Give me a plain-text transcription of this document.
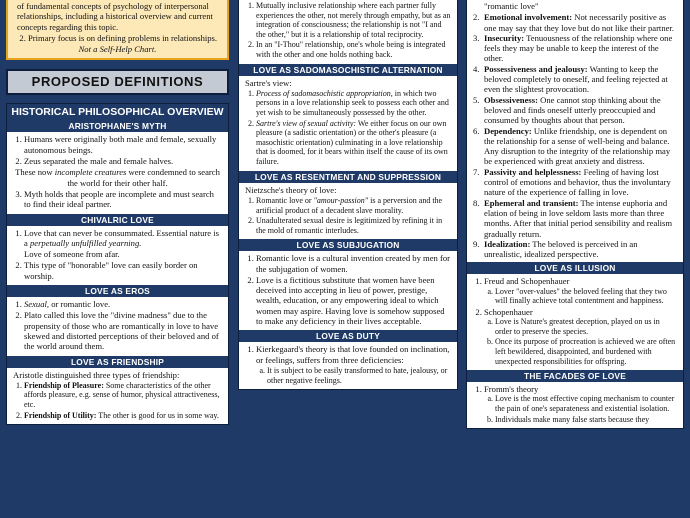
of fundamental concepts of psychology of interpersonal relationships, including a historical overview and current concepts regarding this topic.
2. Primary focus is on defining problems in relationships.
Not a Self-Help Chart.
PROPOSED DEFINITIONS
HISTORICAL PHILOSOPHICAL OVERVIEW
ARISTOPHANE'S MYTH
1. Humans were originally both male and female, sexually autonomous beings.
2. Zeus separated the male and female halves.

These now incomplete creatures were condemned to search the world for their other half.

3. Myth holds that people are incomplete and must search to find their ideal partner.
CHIVALRIC LOVE
1. Love that can never be consummated. Essential nature is a perpetually unfulfilled yearning.

Love of someone from afar.

2. This type of "honorable" love can easily border on worship.
LOVE AS EROS
1. Sexual, or romantic love.
2. Plato called this love the "divine madness" due to the propensity of those who are romantically in love to have skewed and distorted perceptions of their beloved and of the world around them.
LOVE AS FRIENDSHIP

Aristotle distinguished three types of friendship:

1. Friendship of Pleasure: Some characteristics of the other affords pleasure, e.g. sense of humor, physical attractiveness, etc.
2. Friendship of Utility: The other is good for us in some way.
1. Mutually inclusive relationship where each partner fully experiences the other, not merely through empathy, but as an integration of consciousness; the relationship is not "I and the other," but it is a relationship of total reciprocity.
2. In an "I-Thou" relationship, one's whole being is integrated with the other and one holds nothing back.
LOVE AS SADOMASOCHISTIC ALTERNATION

Sartre's view:

1. Process of sadomasochistic appropriation, in which two persons in a love relationship seek to possess each other and yet wish to be simultaneously possessed by the other.
2. Sartre's view of sexual activity: We either focus on our own pleasure (a sadistic orientation) or the other's pleasure (a masochistic orientation) culminating in a love relationship that is doomed, for it bears within itself the cause of its own failure.
LOVE AS RESENTMENT AND SUPPRESSION

Nietzsche's theory of love:

1. Romantic love or "amour-passion" is a perversion and the artificial product of a decadent slave morality.
2. Unadulterated sexual desire is legitimized by refining it in the mold of romantic interludes.
LOVE AS SUBJUGATION
1. Romantic love is a cultural invention created by men for the subjugation of women.
2. Love is a fictitious substitute that women have been deceived into accepting in lieu of power, prestige, wealth, education, or any empowering ideal to which women may aspire. Having love is somehow supposed to make any deficiency in their lives acceptable.
LOVE AS DUTY
1. Kierkegaard's theory is that love founded on inclination, or feelings, suffers from three deficiencies:
a. It is subject to be easily transformed to hate, jealousy, or other negative feelings.

"romantic love"

2. Emotional involvement: Not necessarily positive as one may say that they love but do not like their partner.
3. Insecurity: Tenuousness of the relationship where one feels they may be unable to keep the interest of the other.
4. Possessiveness and jealousy: Wanting to keep the beloved completely to oneself, and feeling rejected at even the slightest provocation.
5. Obsessiveness: One cannot stop thinking about the beloved and finds oneself utterly preoccupied and consumed by thoughts about that person.
6. Dependency: Unlike friendship, one is dependent on the relationship for a sense of well-being and balance. Any disruption to the integrity of the relationship may be experienced with great anxiety and distress.
7. Passivity and helplessness: Feeling of having lost control of emotions and behavior, thus the involuntary nature of the experience of falling in love.
8. Ephemeral and transient: The intense euphoria and elation of being in love seldom lasts more than three months. After that initial period sensibility and realism gradually return.
9. Idealization: The beloved is perceived in an unrealistic, idealized perspective.
LOVE AS ILLUSION
1. Freud and Schopenhauer
a. Lover "over-values" the beloved feeling that they two will finally achieve total contentment and happiness.
2. Schopenhauer
a. Love is Nature's greatest deception, played on us in order to preserve the species.
b. Once its purpose of procreation is achieved we are often left bewildered, disappointed, and burdened with unexpected responsibilities for offspring.
THE FACADES OF LOVE
1. Fromm's theory
a. Love is the most effective coping mechanism to counter the pain of one's separateness and existential isolation.
b. Individuals make many false starts because they
